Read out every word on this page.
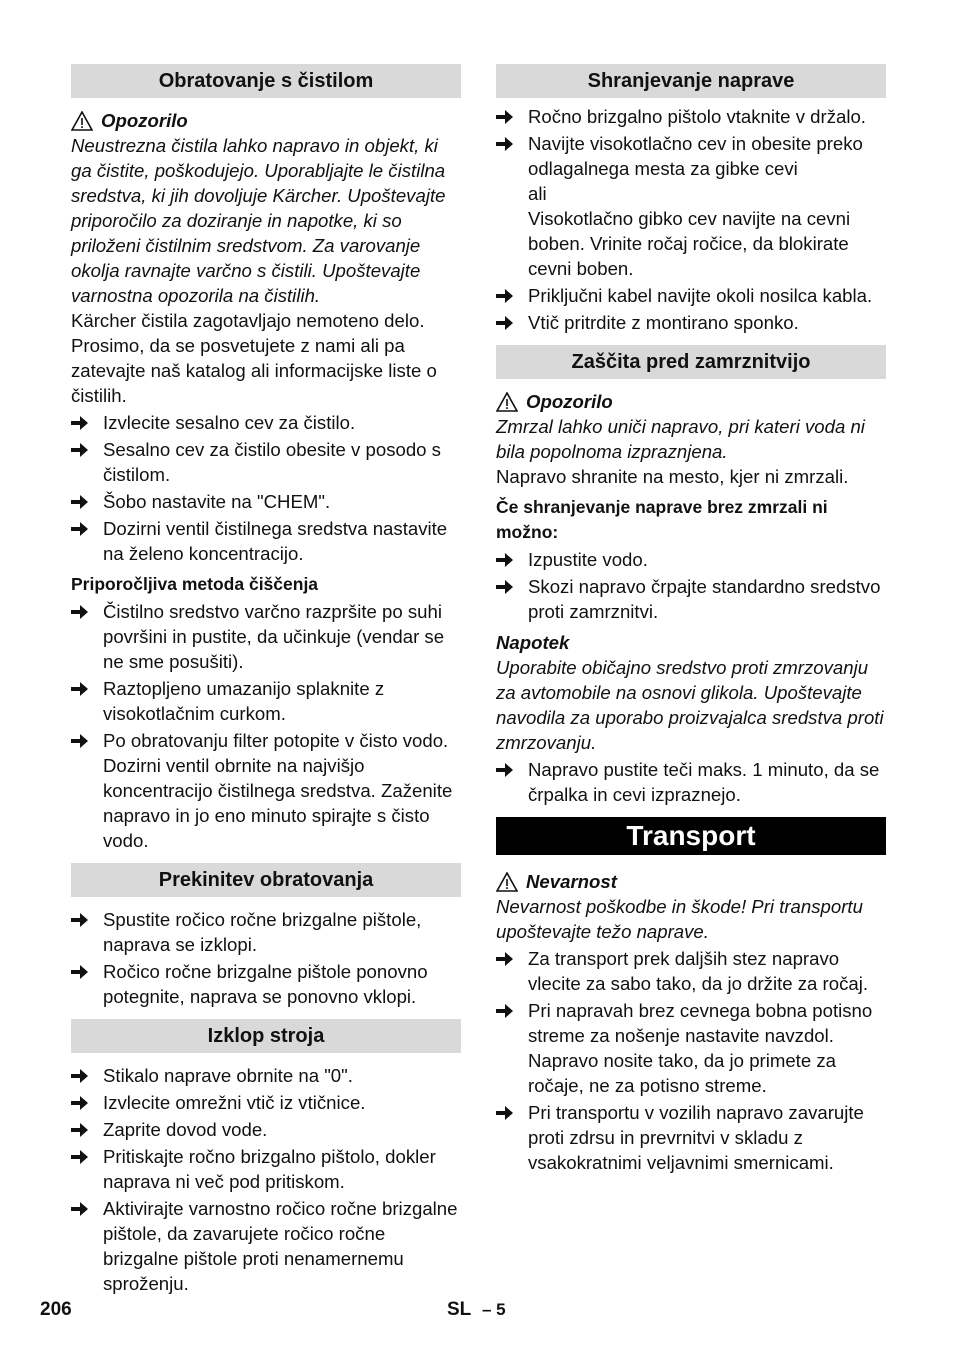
Obratovanje s čistilom
Opozorilo
Neustrezna čistila lahko napravo in objekt, ki ga čistite, poškodujejo. Uporabljajte le čistilna sredstva, ki jih dovoljuje Kärcher. Upoštevajte priporočilo za doziranje in napotke, ki so priloženi čistilnim sredstvom. Za varovanje okolja ravnajte varčno s čistili. Upoštevajte varnostna opozorila na čistilih.
Kärcher čistila zagotavljajo nemoteno delo. Prosimo, da se posvetujete z nami ali pa zatevajte naš katalog ali informacijske liste o čistilih.
Izvlecite sesalno cev za čistilo.
Sesalno cev za čistilo obesite v posodo s čistilom.
Šobo nastavite na "CHEM".
Dozirni ventil čistilnega sredstva nastavite na želeno koncentracijo.
Priporočljiva metoda čiščenja
Čistilno sredstvo varčno razpršite po suhi površini in pustite, da učinkuje (vendar se ne sme posušiti).
Raztopljeno umazanijo splaknite z visokotlačnim curkom.
Po obratovanju filter potopite v čisto vodo. Dozirni ventil obrnite na najvišjo koncentracijo čistilnega sredstva. Zaženite napravo in jo eno minuto spirajte s čisto vodo.
Prekinitev obratovanja
Spustite ročico ročne brizgalne pištole, naprava se izklopi.
Ročico ročne brizgalne pištole ponovno potegnite, naprava se ponovno vklopi.
Izklop stroja
Stikalo naprave obrnite na "0".
Izvlecite omrežni vtič iz vtičnice.
Zaprite dovod vode.
Pritiskajte ročno brizgalno pištolo, dokler naprava ni več pod pritiskom.
Aktivirajte varnostno ročico ročne brizgalne pištole, da zavarujete ročico ročne brizgalne pištole proti nenamernemu sproženju.
Shranjevanje naprave
Ročno brizgalno pištolo vtaknite v držalo.
Navijte visokotlačno cev in obesite preko odlagalnega mesta za gibke cevi
ali
Visokotlačno gibko cev navijte na cevni boben. Vrinite ročaj ročice, da blokirate cevni boben.
Priključni kabel navijte okoli nosilca kabla.
Vtič pritrdite z montirano sponko.
Zaščita pred zamrznitvijo
Opozorilo
Zmrzal lahko uniči napravo, pri kateri voda ni bila popolnoma izpraznjena.
Napravo shranite na mesto, kjer ni zmrzali.
Če shranjevanje naprave brez zmrzali ni možno:
Izpustite vodo.
Skozi napravo črpajte standardno sredstvo proti zamrznitvi.
Napotek
Uporabite običajno sredstvo proti zmrzovanju za avtomobile na osnovi glikola. Upoštevajte navodila za uporabo proizvajalca sredstva proti zmrzovanju.
Napravo pustite teči maks. 1 minuto, da se črpalka in cevi izpraznejo.
Transport
Nevarnost
Nevarnost poškodbe in škode! Pri transportu upoštevajte težo naprave.
Za transport prek daljših stez napravo vlecite za sabo tako, da jo držite za ročaj.
Pri napravah brez cevnega bobna potisno streme za nošenje nastavite navzdol. Napravo nosite tako, da jo primete za ročaje, ne za potisno streme.
Pri transportu v vozilih napravo zavarujte proti zdrsu in prevrnitvi v skladu z vsakokratnimi veljavnimi smernicami.
206	SL – 5
